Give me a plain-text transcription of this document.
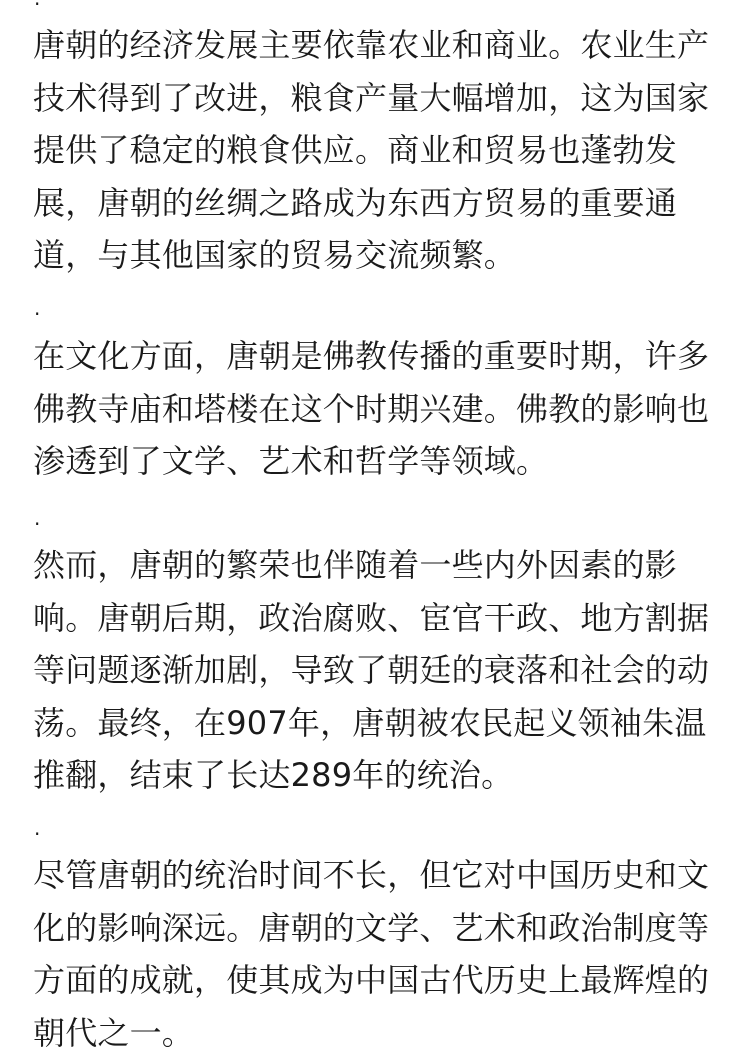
唐朝的经济发展主要依靠农业和商业。农业生产技术得到了改进，粮食产量大幅增加，这为国家提供了稳定的粮食供应。商业和贸易也蓬勃发展，唐朝的丝绸之路成为东西方贸易的重要通道，与其他国家的贸易交流频繁。

.

在文化方面，唐朝是佛教传播的重要时期，许多佛教寺庙和塔楼在这个时期兴建。佛教的影响也渗透到了文学、艺术和哲学等领域。

.

然而，唐朝的繁荣也伴随着一些内外因素的影响。唐朝后期，政治腐败、宦官干政、地方割据等问题逐渐加剧，导致了朝廷的衰落和社会的动荡。最终，在907年，唐朝被农民起义领袖朱温推翻，结束了长达289年的统治。

.

尽管唐朝的统治时间不长，但它对中国历史和文化的影响深远。唐朝的文学、艺术和政治制度等方面的成就，使其成为中国古代历史上最辉煌的朝代之一。
